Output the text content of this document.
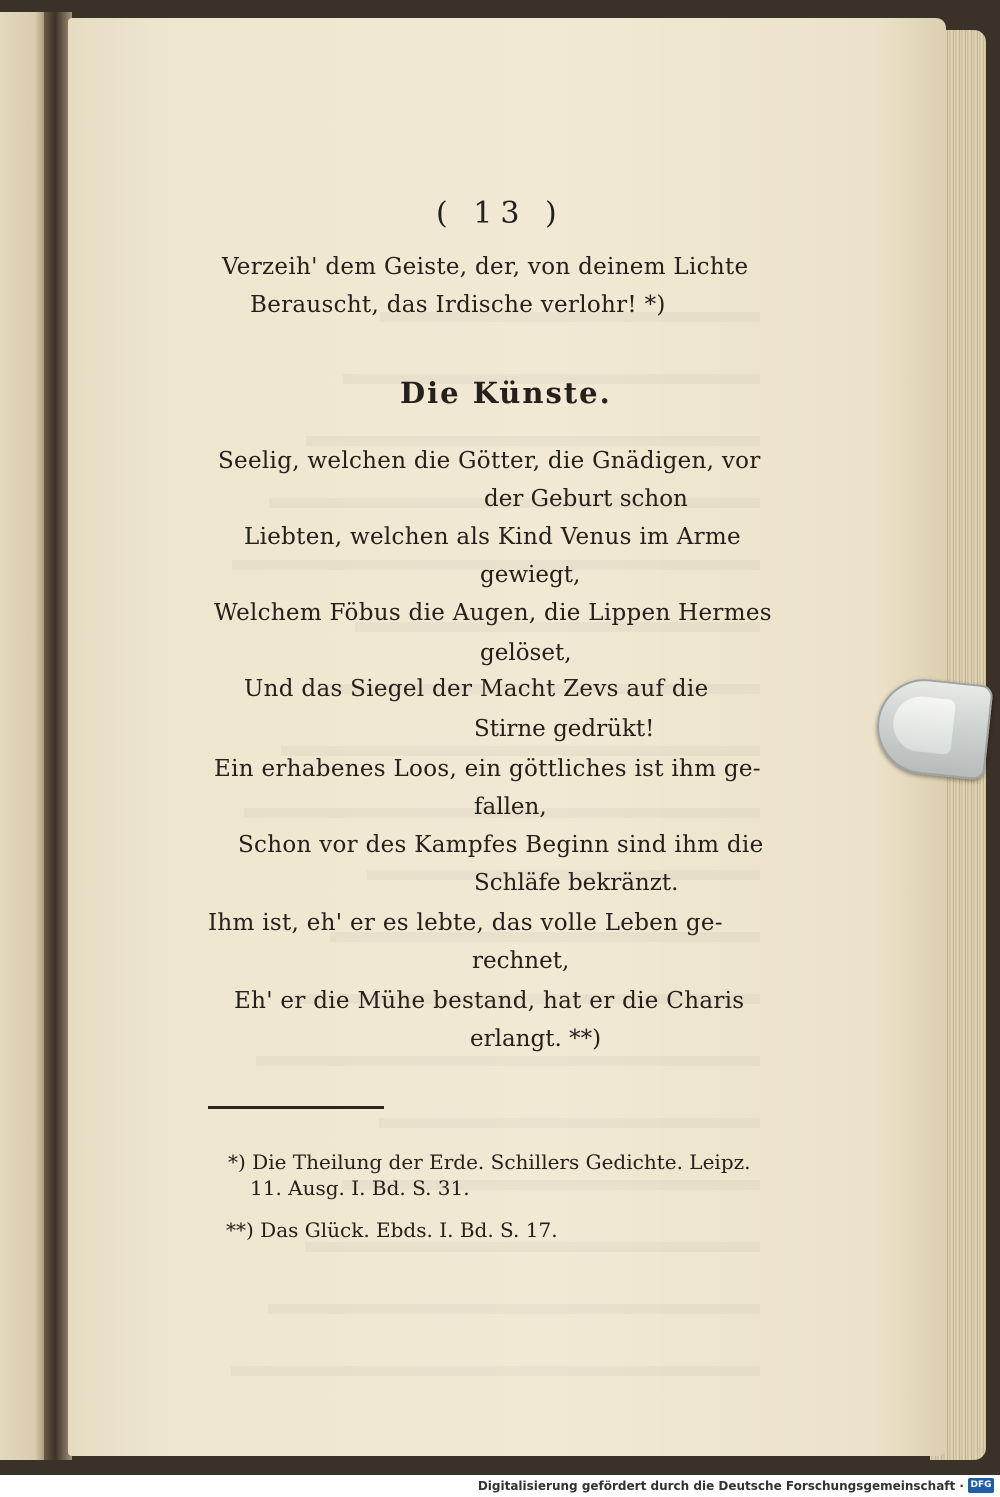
( 13 )
Verzeih' dem Geiste, der, von deinem Lichte
Berauscht, das Irdische verlohr! *)
Die Künste.
Seelig, welchen die Götter, die Gnädigen, vor
der Geburt schon
Liebten, welchen als Kind Venus im Arme
gewiegt,
Welchem Föbus die Augen, die Lippen Hermes
gelöset,
Und das Siegel der Macht Zevs auf die
Stirne gedrükt!
Ein erhabenes Loos, ein göttliches ist ihm ge-
fallen,
Schon vor des Kampfes Beginn sind ihm die
Schläfe bekränzt.
Ihm ist, eh' er es lebte, das volle Leben ge-
rechnet,
Eh' er die Mühe bestand, hat er die Charis
erlangt. **)
*) Die Theilung der Erde. Schillers Gedichte. Leipz.
11. Ausg. I. Bd. S. 31.
**) Das Glück. Ebds. I. Bd. S. 17.
Digitalisierung gefördert durch die Deutsche Forschungsgemeinschaft · DFG
